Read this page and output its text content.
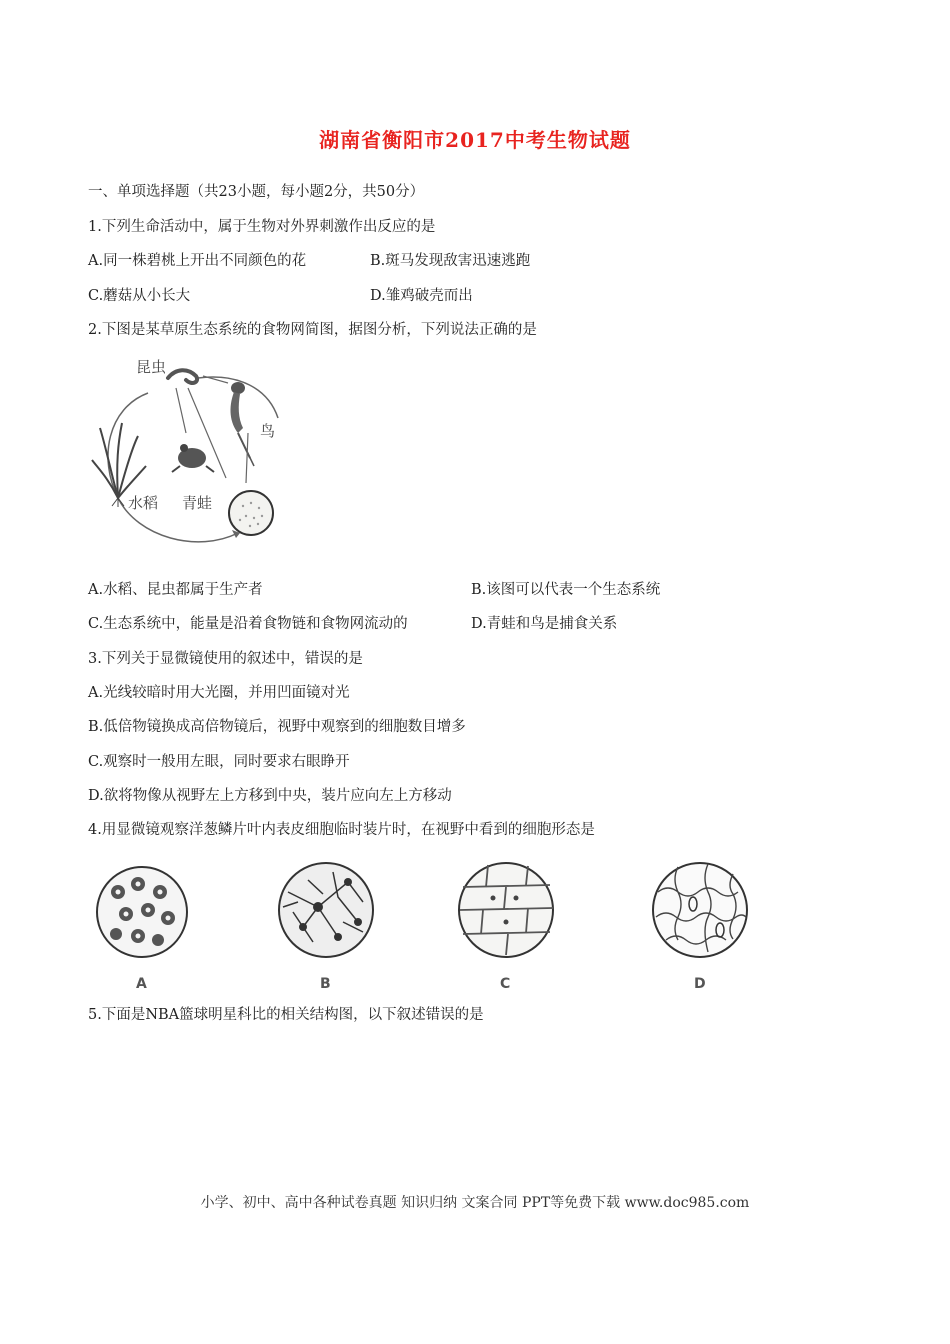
湖南省衡阳市2017中考生物试题
一、单项选择题（共23小题，每小题2分，共50分）
1.下列生命活动中，属于生物对外界刺激作出反应的是
A.同一株碧桃上开出不同颜色的花	B.斑马发现敌害迅速逃跑
C.蘑菇从小长大	D.雏鸡破壳而出
2.下图是某草原生态系统的食物网简图，据图分析，下列说法正确的是
昆虫
鸟
水稻 青蛙
A.水稻、昆虫都属于生产者	B.该图可以代表一个生态系统
C.生态系统中，能量是沿着食物链和食物网流动的	D.青蛙和鸟是捕食关系
3.下列关于显微镜使用的叙述中，错误的是
A.光线较暗时用大光圈，并用凹面镜对光
B.低倍物镜换成高倍物镜后，视野中观察到的细胞数目增多
C.观察时一般用左眼，同时要求右眼睁开
D.欲将物像从视野左上方移到中央，装片应向左上方移动
4.用显微镜观察洋葱鳞片叶内表皮细胞临时装片时，在视野中看到的细胞形态是
A	B	C	D
5.下面是NBA篮球明星科比的相关结构图，以下叙述错误的是
小学、初中、高中各种试卷真题 知识归纳 文案合同 PPT等免费下载 www.doc985.com
